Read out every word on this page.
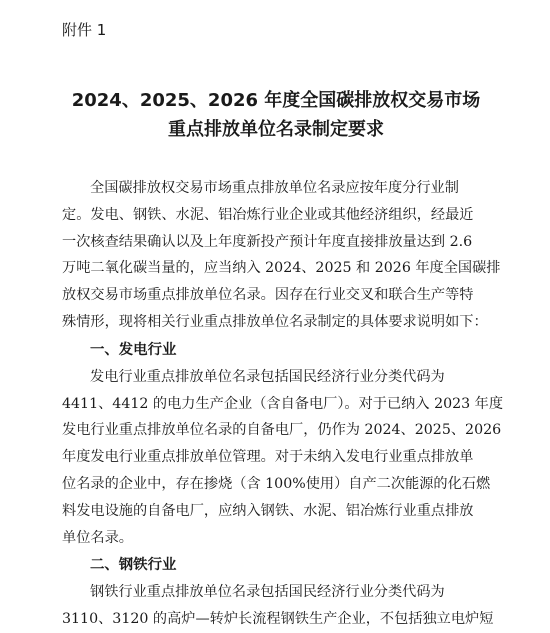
附件 1
2024、2025、2026 年度全国碳排放权交易市场
重点排放单位名录制定要求
全国碳排放权交易市场重点排放单位名录应按年度分行业制
定。发电、钢铁、水泥、铝冶炼行业企业或其他经济组织，经最近
一次核查结果确认以及上年度新投产预计年度直接排放量达到 2.6
万吨二氧化碳当量的，应当纳入 2024、2025 和 2026 年度全国碳排
放权交易市场重点排放单位名录。因存在行业交叉和联合生产等特
殊情形，现将相关行业重点排放单位名录制定的具体要求说明如下：
一、发电行业
发电行业重点排放单位名录包括国民经济行业分类代码为
4411、4412 的电力生产企业（含自备电厂）。对于已纳入 2023 年度
发电行业重点排放单位名录的自备电厂，仍作为 2024、2025、2026
年度发电行业重点排放单位管理。对于未纳入发电行业重点排放单
位名录的企业中，存在掺烧（含 100%使用）自产二次能源的化石燃
料发电设施的自备电厂，应纳入钢铁、水泥、铝冶炼行业重点排放
单位名录。
二、钢铁行业
钢铁行业重点排放单位名录包括国民经济行业分类代码为
3110、3120 的高炉—转炉长流程钢铁生产企业，不包括独立电炉短
